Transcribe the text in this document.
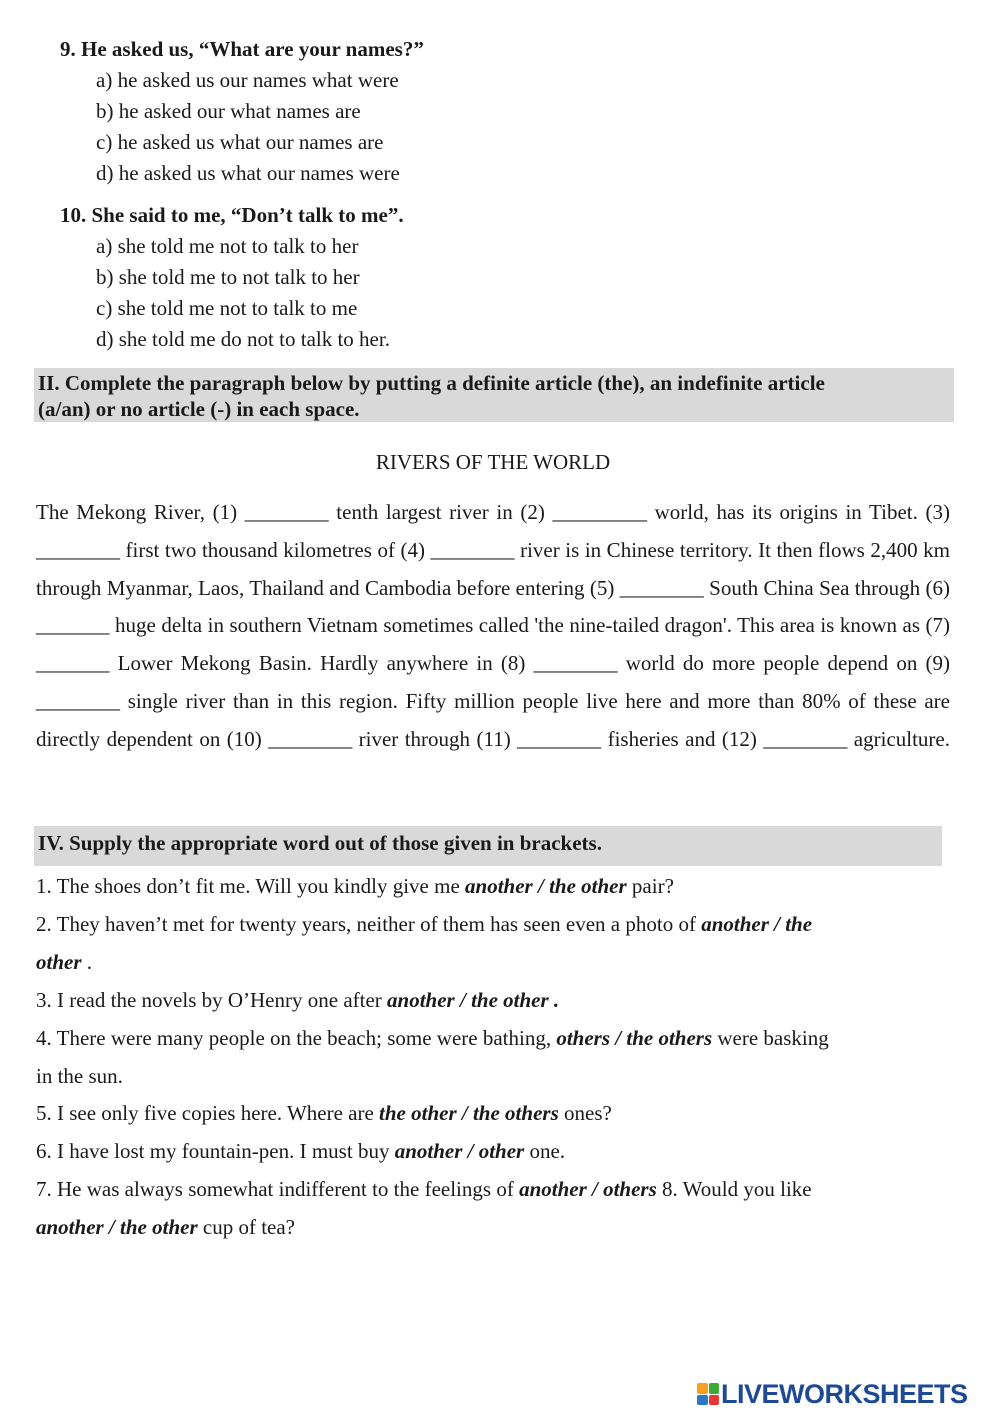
9. He asked us, “What are your names?”
a) he asked us our names what were
b) he asked our what names are
c) he asked us what our names are
d) he asked us what our names were
10. She said to me, “Don’t talk to me”.
a) she told me not to talk to her
b) she told me to not talk to her
c) she told me not to talk to me
d) she told me do not to talk to her.
II. Complete the paragraph below by putting a definite article (the), an indefinite article
(a/an) or no article (-) in each space.
RIVERS OF THE WORLD
The Mekong River, (1) ________ tenth largest river in (2) _________ world, has its origins in Tibet. (3) ________ first two thousand kilometres of (4) ________ river is in Chinese territory. It then flows 2,400 km through Myanmar, Laos, Thailand and Cambodia before entering (5) ________ South China Sea through (6) _______ huge delta in southern Vietnam sometimes called 'the nine-tailed dragon'. This area is known as (7) _______ Lower Mekong Basin. Hardly anywhere in (8) ________ world do more people depend on (9) ________ single river than in this region. Fifty million people live here and more than 80% of these are directly dependent on (10) ________ river through (11) ________ fisheries and (12) ________ agriculture.
IV. Supply the appropriate word out of those given in brackets.
1. The shoes don’t fit me. Will you kindly give me another / the other pair?
2. They haven’t met for twenty years, neither of them has seen even a photo of another / the
other .
3. I read the novels by O’Henry one after another / the other .
4. There were many people on the beach; some were bathing, others / the others were basking
in the sun.
5. I see only five copies here. Where are the other / the others ones?
6. I have lost my fountain-pen. I must buy another / other one.
7. He was always somewhat indifferent to the feelings of another / others 8. Would you like
another / the other cup of tea?
LIVEWORKSHEETS
